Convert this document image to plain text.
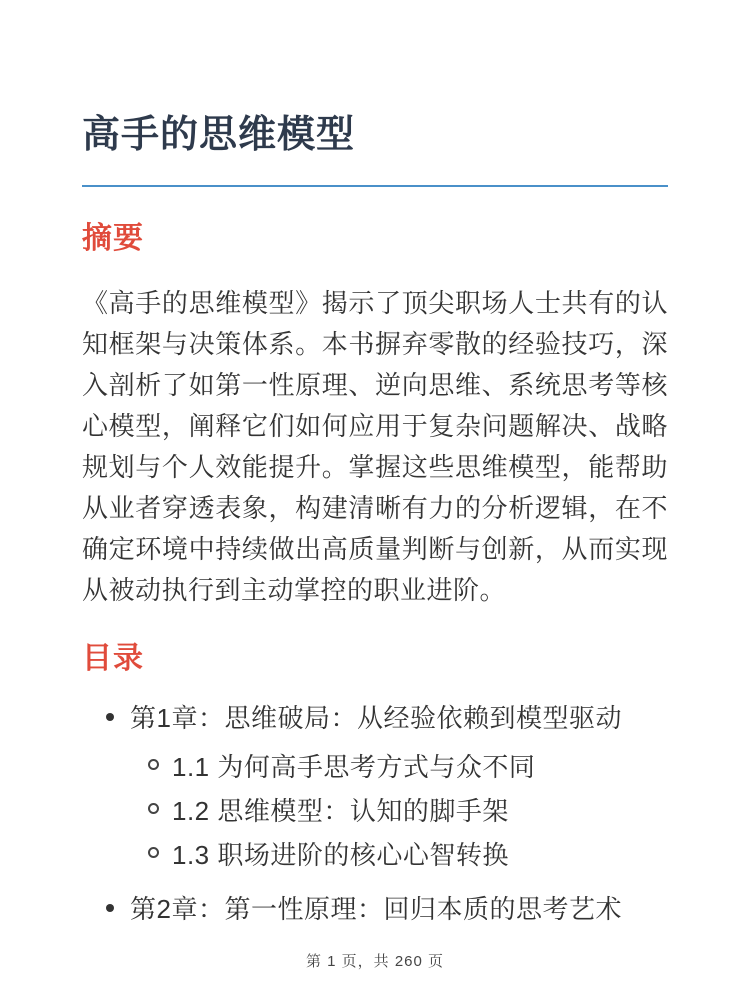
高手的思维模型
摘要

《高手的思维模型》揭示了顶尖职场人士共有的认知框架与决策体系。本书摒弃零散的经验技巧，深入剖析了如第一性原理、逆向思维、系统思考等核心模型，阐释它们如何应用于复杂问题解决、战略规划与个人效能提升。掌握这些思维模型，能帮助从业者穿透表象，构建清晰有力的分析逻辑，在不确定环境中持续做出高质量判断与创新，从而实现从被动执行到主动掌控的职业进阶。

目录
第1章：思维破局：从经验依赖到模型驱动
1.1 为何高手思考方式与众不同
1.2 思维模型：认知的脚手架
1.3 职场进阶的核心心智转换
第2章：第一性原理：回归本质的思考艺术
第 1 页，共 260 页
